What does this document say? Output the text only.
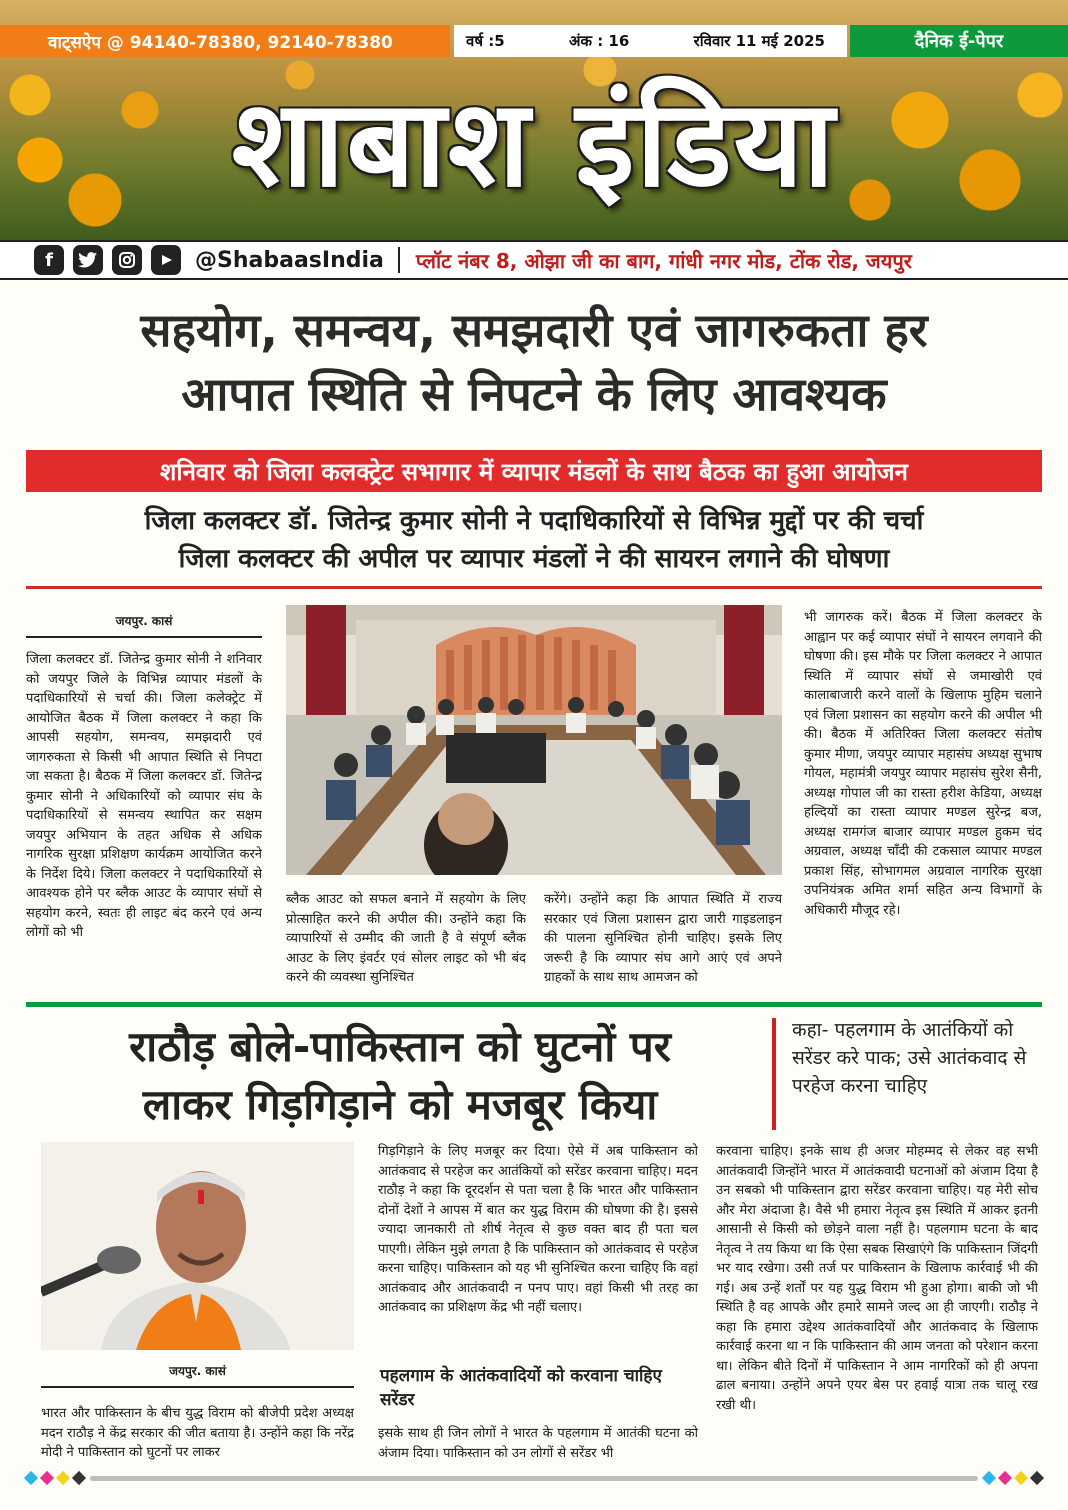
वाट्सऐप @ 94140-78380, 92140-78380	वर्ष :5	अंक : 16	रविवार 11 मई 2025	दैनिक ई-पेपर
शाबाश इंडिया
f	@ShabaasIndia प्लॉट नंबर 8, ओझा जी का बाग, गांधी नगर मोड, टोंक रोड, जयपुर
सहयोग, समन्वय, समझदारी एवं जागरुकता हर
आपात स्थिति से निपटने के लिए आवश्यक
शनिवार को जिला कलक्ट्रेट सभागार में व्यापार मंडलों के साथ बैठक का हुआ आयोजन
जिला कलक्टर डॉ. जितेन्द्र कुमार सोनी ने पदाधिकारियों से विभिन्न मुद्दों पर की चर्चा
जिला कलक्टर की अपील पर व्यापार मंडलों ने की सायरन लगाने की घोषणा
जयपुर. कासं
जिला कलक्टर डॉ. जितेन्द्र कुमार सोनी ने शनिवार को जयपुर जिले के विभिन्न व्यापार मंडलों के पदाधिकारियों से चर्चा की। जिला कलेक्ट्रेट में आयोजित बैठक में जिला कलक्टर ने कहा कि आपसी सहयोग, समन्वय, समझदारी एवं जागरुकता से किसी भी आपात स्थिति से निपटा जा सकता है। बैठक में जिला कलक्टर डॉ. जितेन्द्र कुमार सोनी ने अधिकारियों को व्यापार संघ के पदाधिकारियों से समन्वय स्थापित कर सक्षम जयपुर अभियान के तहत अधिक से अधिक नागरिक सुरक्षा प्रशिक्षण कार्यक्रम आयोजित करने के निर्देश दिये। जिला कलक्टर ने पदाधिकारियों से आवश्यक होने पर ब्लैक आउट के व्यापार संघों से सहयोग करने, स्वतः ही लाइट बंद करने एवं अन्य लोगों को भी
ब्लैक आउट को सफल बनाने में सहयोग के लिए प्रोत्साहित करने की अपील की। उन्होंने कहा कि व्यापारियों से उम्मीद की जाती है वे संपूर्ण ब्लैक आउट के लिए इंवर्टर एवं सोलर लाइट को भी बंद करने की व्यवस्था सुनिश्चित
करेंगे। उन्होंने कहा कि आपात स्थिति में राज्य सरकार एवं जिला प्रशासन द्वारा जारी गाइडलाइन की पालना सुनिश्चित होनी चाहिए। इसके लिए जरूरी है कि व्यापार संघ आगे आएं एवं अपने ग्राहकों के साथ साथ आमजन को
भी जागरुक करें। बैठक में जिला कलक्टर के आह्वान पर कई व्यापार संघों ने सायरन लगवाने की घोषणा की। इस मौके पर जिला कलक्टर ने आपात स्थिति में व्यापार संघों से जमाखोरी एवं कालाबाजारी करने वालों के खिलाफ मुहिम चलाने एवं जिला प्रशासन का सहयोग करने की अपील भी की। बैठक में अतिरिक्त जिला कलक्टर संतोष कुमार मीणा, जयपुर व्यापार महासंघ अध्यक्ष सुभाष गोयल, महामंत्री जयपुर व्यापार महासंघ सुरेश सैनी, अध्यक्ष गोपाल जी का रास्ता हरीश केडिया, अध्यक्ष हल्दियों का रास्ता व्यापार मण्डल सुरेन्द्र बज, अध्यक्ष रामगंज बाजार व्यापार मण्डल हुकम चंद अग्रवाल, अध्यक्ष चाँदी की टकसाल व्यापार मण्डल प्रकाश सिंह, सोभागमल अग्रवाल नागरिक सुरक्षा उपनियंत्रक अमित शर्मा सहित अन्य विभागों के अधिकारी मौजूद रहे।
राठौड़ बोले-पाकिस्तान को घुटनों पर
लाकर गिड़गिड़ाने को मजबूर किया
कहा- पहलगाम के आतंकियों को सरेंडर करे पाक; उसे आतंकवाद से परहेज करना चाहिए
जयपुर. कासं
भारत और पाकिस्तान के बीच युद्ध विराम को बीजेपी प्रदेश अध्यक्ष मदन राठौड़ ने केंद्र सरकार की जीत बताया है। उन्होंने कहा कि नरेंद्र मोदी ने पाकिस्तान को घुटनों पर लाकर
गिड़गिड़ाने के लिए मजबूर कर दिया। ऐसे में अब पाकिस्तान को आतंकवाद से परहेज कर आतंकियों को सरेंडर करवाना चाहिए। मदन राठौड़ ने कहा कि दूरदर्शन से पता चला है कि भारत और पाकिस्तान दोनों देशों ने आपस में बात कर युद्ध विराम की घोषणा की है। इससे ज्यादा जानकारी तो शीर्ष नेतृत्व से कुछ वक्त बाद ही पता चल पाएगी। लेकिन मुझे लगता है कि पाकिस्तान को आतंकवाद से परहेज करना चाहिए। पाकिस्तान को यह भी सुनिश्चित करना चाहिए कि वहां आतंकवाद और आतंकवादी न पनप पाए। वहां किसी भी तरह का आतंकवाद का प्रशिक्षण केंद्र भी नहीं चलाए।
पहलगाम के आतंकवादियों को करवाना चाहिए सरेंडर
इसके साथ ही जिन लोगों ने भारत के पहलगाम में आतंकी घटना को अंजाम दिया। पाकिस्तान को उन लोगों से सरेंडर भी
करवाना चाहिए। इनके साथ ही अजर मोहम्मद से लेकर वह सभी आतंकवादी जिन्होंने भारत में आतंकवादी घटनाओं को अंजाम दिया है उन सबको भी पाकिस्तान द्वारा सरेंडर करवाना चाहिए। यह मेरी सोच और मेरा अंदाजा है। वैसे भी हमारा नेतृत्व इस स्थिति में आकर इतनी आसानी से किसी को छोड़ने वाला नहीं है। पहलगाम घटना के बाद नेतृत्व ने तय किया था कि ऐसा सबक सिखाएंगे कि पाकिस्तान जिंदगी भर याद रखेगा। उसी तर्ज पर पाकिस्तान के खिलाफ कार्रवाई भी की गई। अब उन्हें शर्तों पर यह युद्ध विराम भी हुआ होगा। बाकी जो भी स्थिति है वह आपके और हमारे सामने जल्द आ ही जाएगी। राठौड़ ने कहा कि हमारा उद्देश्य आतंकवादियों और आतंकवाद के खिलाफ कार्रवाई करना था न कि पाकिस्तान की आम जनता को परेशान करना था। लेकिन बीते दिनों में पाकिस्तान ने आम नागरिकों को ही अपना ढाल बनाया। उन्होंने अपने एयर बेस पर हवाई यात्रा तक चालू रख रखी थी।
